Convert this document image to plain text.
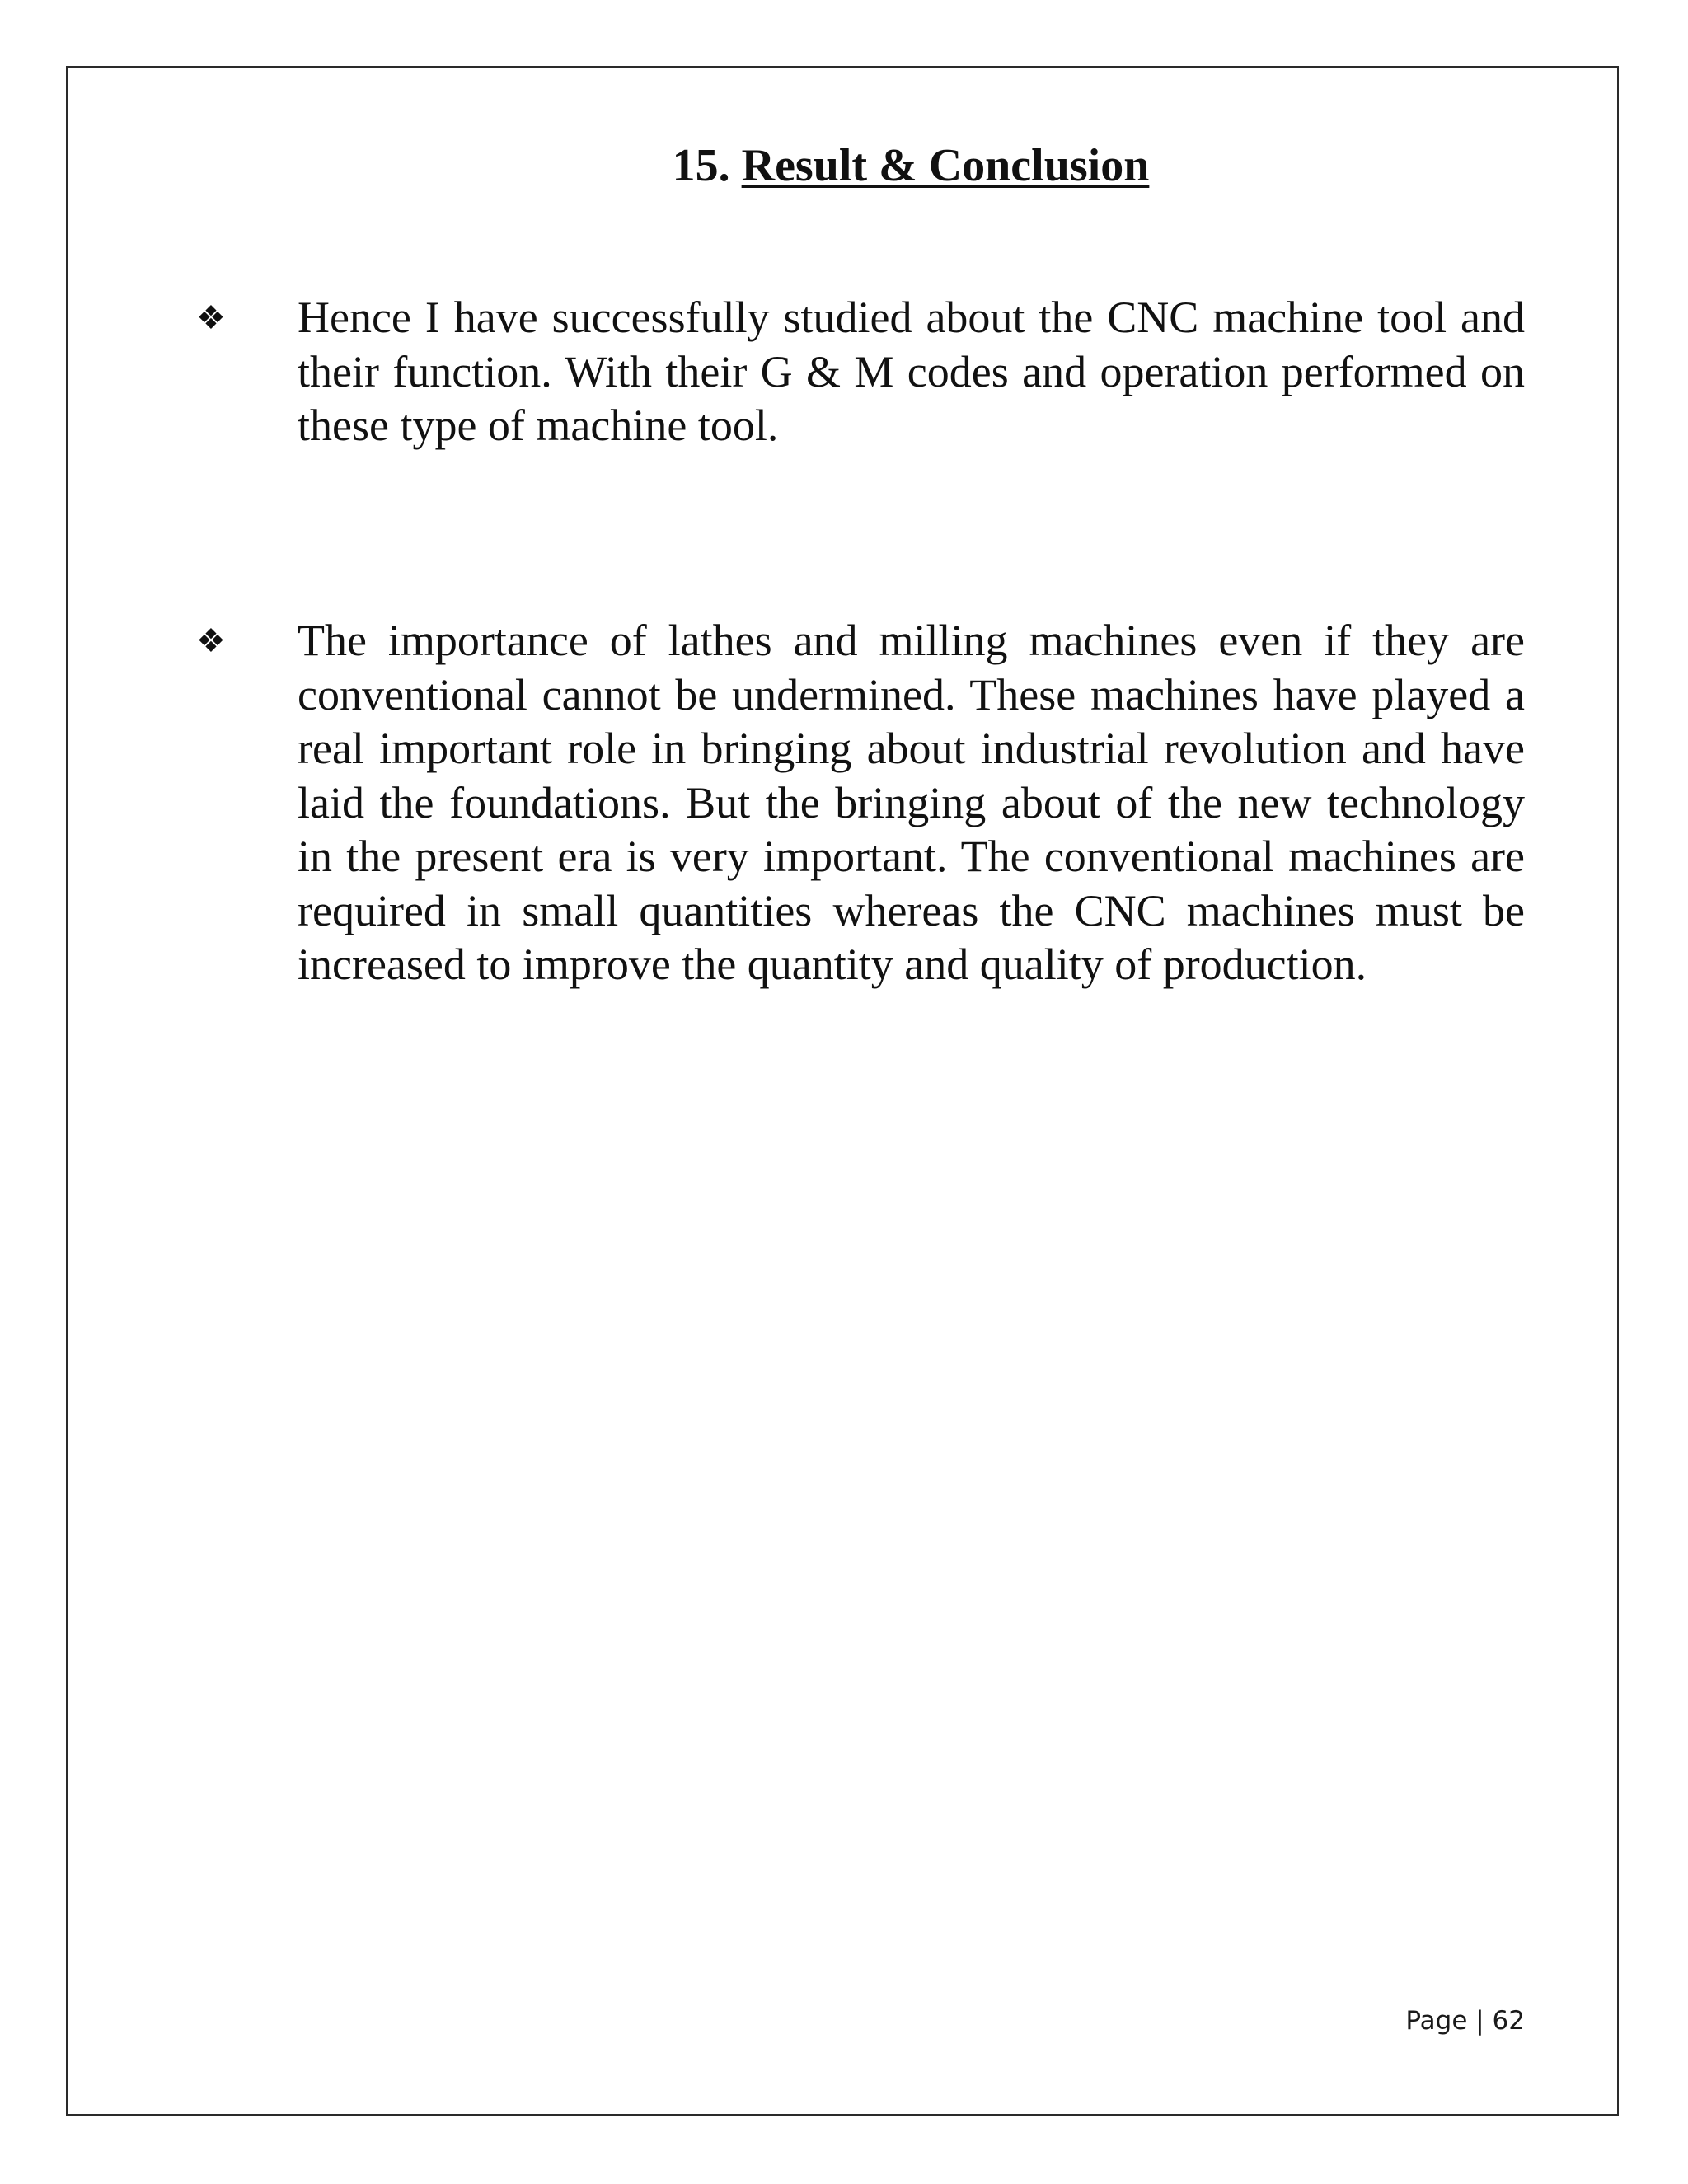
15. Result & Conclusion
❖ Hence I have successfully studied about the CNC machine tool and their function. With their G & M codes and operation performed on these type of machine tool.

❖ The importance of lathes and milling machines even if they are conventional cannot be undermined. These machines have played a real important role in bringing about industrial revolution and have laid the foundations. But the bringing about of the new technology in the present era is very important. The conventional machines are required in small quantities whereas the CNC machines must be increased to improve the quantity and quality of production.

Page | 62
